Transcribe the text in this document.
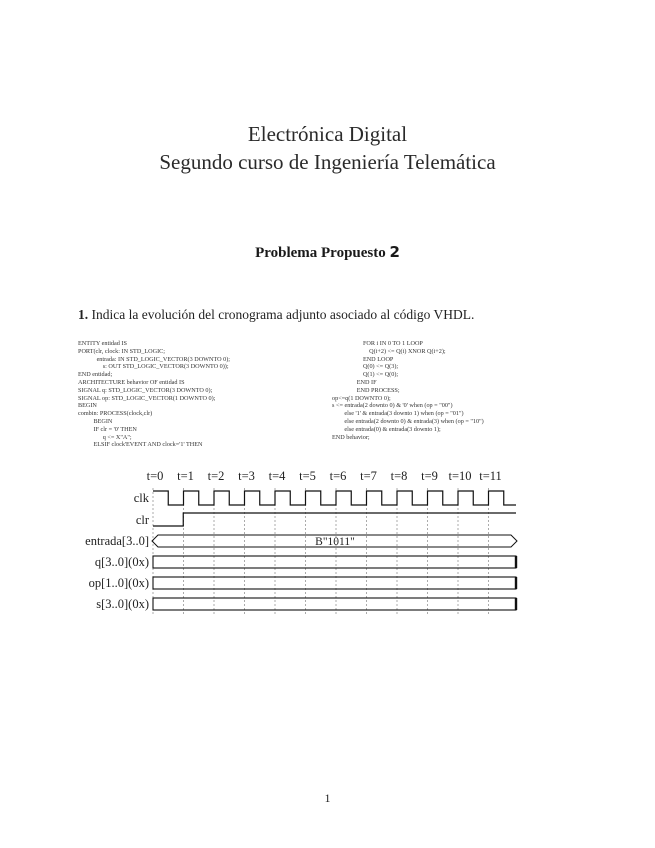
Electrónica Digital
Segundo curso de Ingeniería Telemática
Problema Propuesto 2
1. Indica la evolución del cronograma adjunto asociado al código VHDL.
ENTITY entidad IS
PORT(clr, clock: IN STD_LOGIC;
entrada: IN STD_LOGIC_VECTOR(3 DOWNTO 0);
s: OUT STD_LOGIC_VECTOR(3 DOWNTO 0));
END entidad;
ARCHITECTURE behavior OF entidad IS
SIGNAL q: STD_LOGIC_VECTOR(3 DOWNTO 0);
SIGNAL op: STD_LOGIC_VECTOR(1 DOWNTO 0);
BEGIN
combin: PROCESS(clock,clr)
BEGIN
IF clr = '0' THEN
q <= X"A";
ELSIF clock'EVENT AND clock='1' THEN
FOR i IN 0 TO 1 LOOP
Q(i+2) <= Q(i) XNOR Q(i+2);
END LOOP
Q(0) <= Q(3);
Q(1) <= Q(0);
END IF
END PROCESS;
op<=q(1 DOWNTO 0);
s <= entrada(2 downto 0) & '0' when (op = "00")
else '1' & entrada(3 downto 1) when (op = "01")
else entrada(2 downto 0) & entrada(3) when (op = "10")
else entrada(0) & entrada(3 downto 1);
END behavior;
t=0 t=1 t=2 t=3 t=4 t=5 t=6 t=7 t=8 t=9 t=10 t=11
clk
clr
entrada[3..0]
q[3..0](0x)
op[1..0](0x)
s[3..0](0x)
B"1011"
1
